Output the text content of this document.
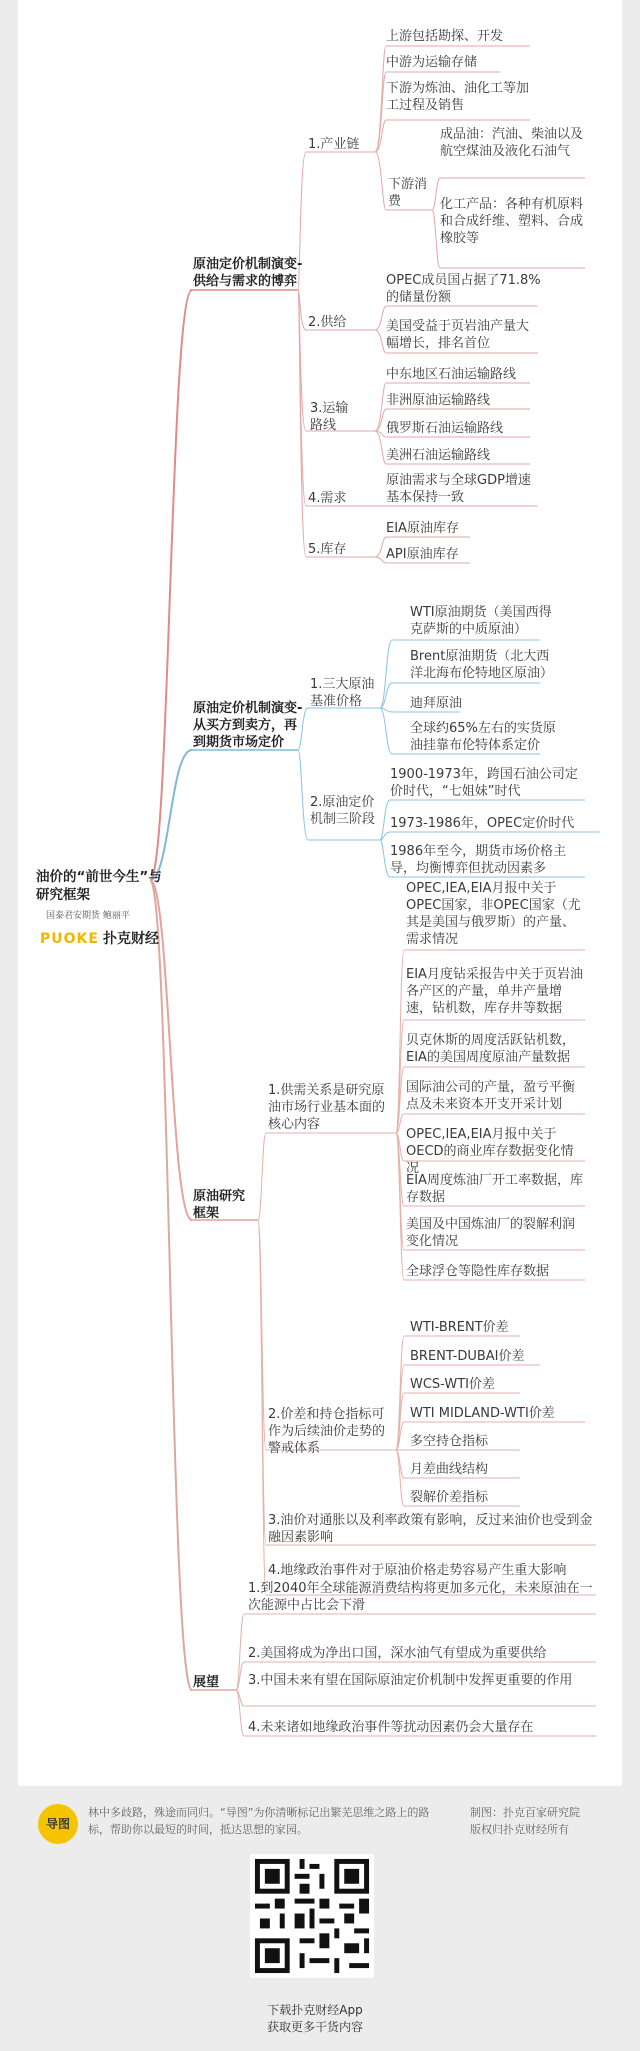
油价的“前世今生”与研究框架
国泰君安期货 鲍丽平
PUOKE 扑克财经
原油定价机制演变-供给与需求的博弈
1.产业链
上游包括勘探、开发
中游为运输存储
下游为炼油、油化工等加工过程及销售
下游消费
成品油：汽油、柴油以及航空煤油及液化石油气
化工产品：各种有机原料和合成纤维、塑料、合成橡胶等
2.供给
OPEC成员国占据了71.8%的储量份额
美国受益于页岩油产量大幅增长，排名首位
3.运输路线
中东地区石油运输路线
非洲原油运输路线
俄罗斯石油运输路线
美洲石油运输路线
4.需求
原油需求与全球GDP增速基本保持一致
5.库存
EIA原油库存
API原油库存
原油定价机制演变-从买方到卖方，再到期货市场定价
1.三大原油基准价格
WTI原油期货（美国西得克萨斯的中质原油）
Brent原油期货（北大西洋北海布伦特地区原油）
迪拜原油
全球约65%左右的实货原油挂靠布伦特体系定价
2.原油定价机制三阶段
1900-1973年，跨国石油公司定价时代，“七姐妹”时代
1973-1986年，OPEC定价时代
1986年至今，期货市场价格主导，均衡博弈但扰动因素多
原油研究框架
1.供需关系是研究原油市场行业基本面的核心内容
OPEC,IEA,EIA月报中关于OPEC国家，非OPEC国家（尤其是美国与俄罗斯）的产量、需求情况
EIA月度钻采报告中关于页岩油各产区的产量，单井产量增速，钻机数，库存井等数据
贝克休斯的周度活跃钻机数，EIA的美国周度原油产量数据
国际油公司的产量，盈亏平衡点及未来资本开支开采计划
OPEC,IEA,EIA月报中关于OECD的商业库存数据变化情况
EIA周度炼油厂开工率数据，库存数据
美国及中国炼油厂的裂解利润变化情况
全球浮仓等隐性库存数据
2.价差和持仓指标可作为后续油价走势的警戒体系
WTI-BRENT价差
BRENT-DUBAI价差
WCS-WTI价差
WTI MIDLAND-WTI价差
多空持仓指标
月差曲线结构
裂解价差指标
3.油价对通胀以及利率政策有影响，反过来油价也受到金融因素影响
4.地缘政治事件对于原油价格走势容易产生重大影响
展望
1.到2040年全球能源消费结构将更加多元化，未来原油在一次能源中占比会下滑
2.美国将成为净出口国，深水油气有望成为重要供给
3.中国未来有望在国际原油定价机制中发挥更重要的作用
4.未来诸如地缘政治事件等扰动因素仍会大量存在
导图
林中多歧路，殊途而同归。“导图”为你清晰标记出繁芜思维之路上的路标，帮助你以最短的时间，抵达思想的家园。
制图：扑克百家研究院
版权归扑克财经所有
下载扑克财经App
获取更多干货内容
